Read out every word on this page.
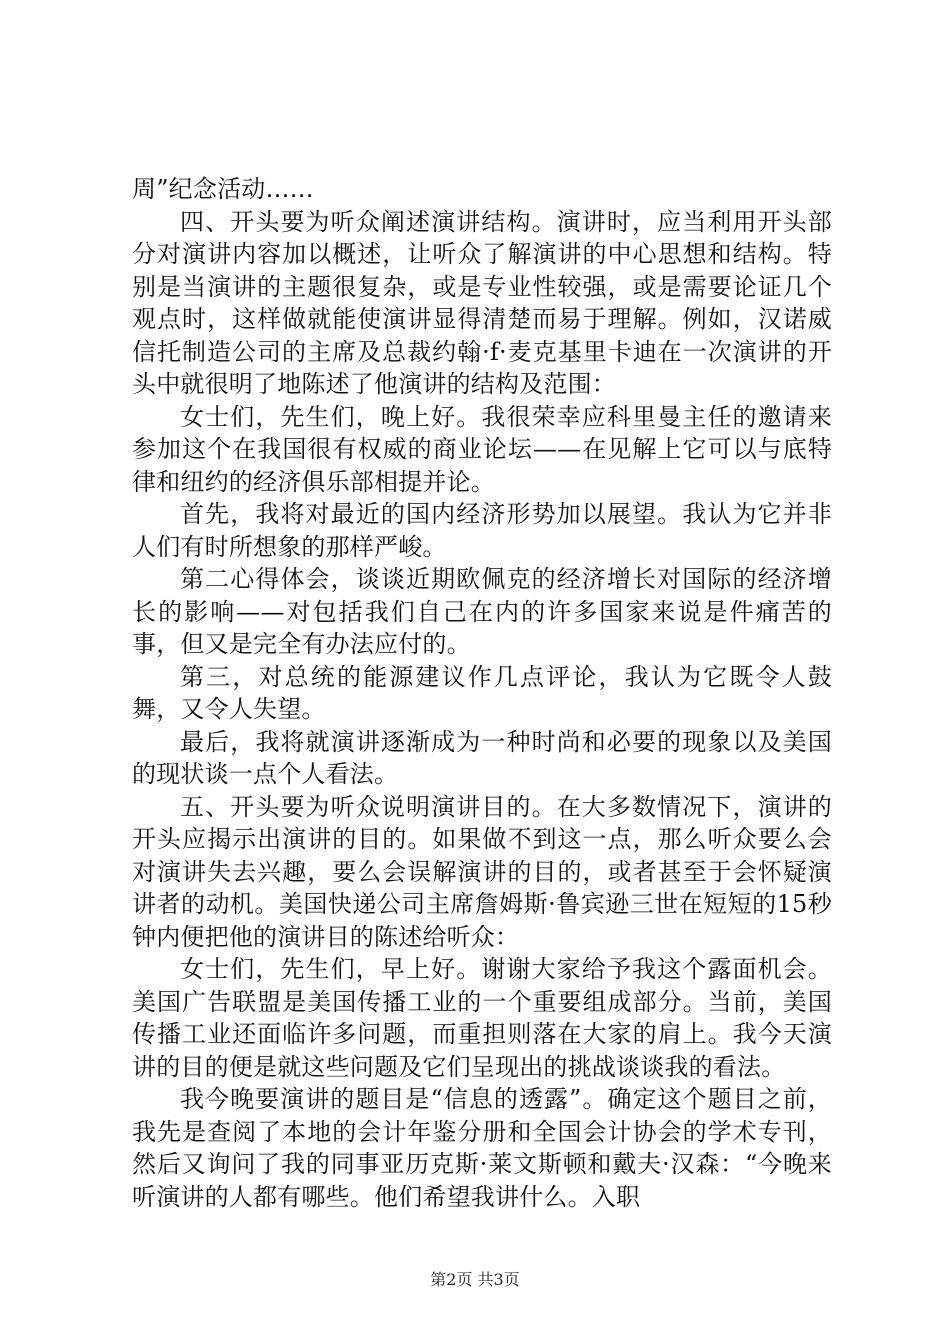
周”纪念活动……

四、开头要为听众阐述演讲结构。演讲时，应当利用开头部分对演讲内容加以概述，让听众了解演讲的中心思想和结构。特别是当演讲的主题很复杂，或是专业性较强，或是需要论证几个观点时，这样做就能使演讲显得清楚而易于理解。例如，汉诺威信托制造公司的主席及总裁约翰·f·麦克基里卡迪在一次演讲的开头中就很明了地陈述了他演讲的结构及范围：

女士们，先生们，晚上好。我很荣幸应科里曼主任的邀请来参加这个在我国很有权威的商业论坛——在见解上它可以与底特律和纽约的经济俱乐部相提并论。

首先，我将对最近的国内经济形势加以展望。我认为它并非人们有时所想象的那样严峻。

第二心得体会，谈谈近期欧佩克的经济增长对国际的经济增长的影响——对包括我们自己在内的许多国家来说是件痛苦的事，但又是完全有办法应付的。

第三，对总统的能源建议作几点评论，我认为它既令人鼓舞，又令人失望。

最后，我将就演讲逐渐成为一种时尚和必要的现象以及美国的现状谈一点个人看法。

五、开头要为听众说明演讲目的。在大多数情况下，演讲的开头应揭示出演讲的目的。如果做不到这一点，那么听众要么会对演讲失去兴趣，要么会误解演讲的目的，或者甚至于会怀疑演讲者的动机。美国快递公司主席詹姆斯·鲁宾逊三世在短短的15秒钟内便把他的演讲目的陈述给听众：

女士们，先生们，早上好。谢谢大家给予我这个露面机会。美国广告联盟是美国传播工业的一个重要组成部分。当前，美国传播工业还面临许多问题，而重担则落在大家的肩上。我今天演讲的目的便是就这些问题及它们呈现出的挑战谈谈我的看法。

我今晚要演讲的题目是“信息的透露”。确定这个题目之前，我先是查阅了本地的会计年鉴分册和全国会计协会的学术专刊，然后又询问了我的同事亚历克斯·莱文斯顿和戴夫·汉森：“今晚来听演讲的人都有哪些。他们希望我讲什么。入职

第2页 共3页
